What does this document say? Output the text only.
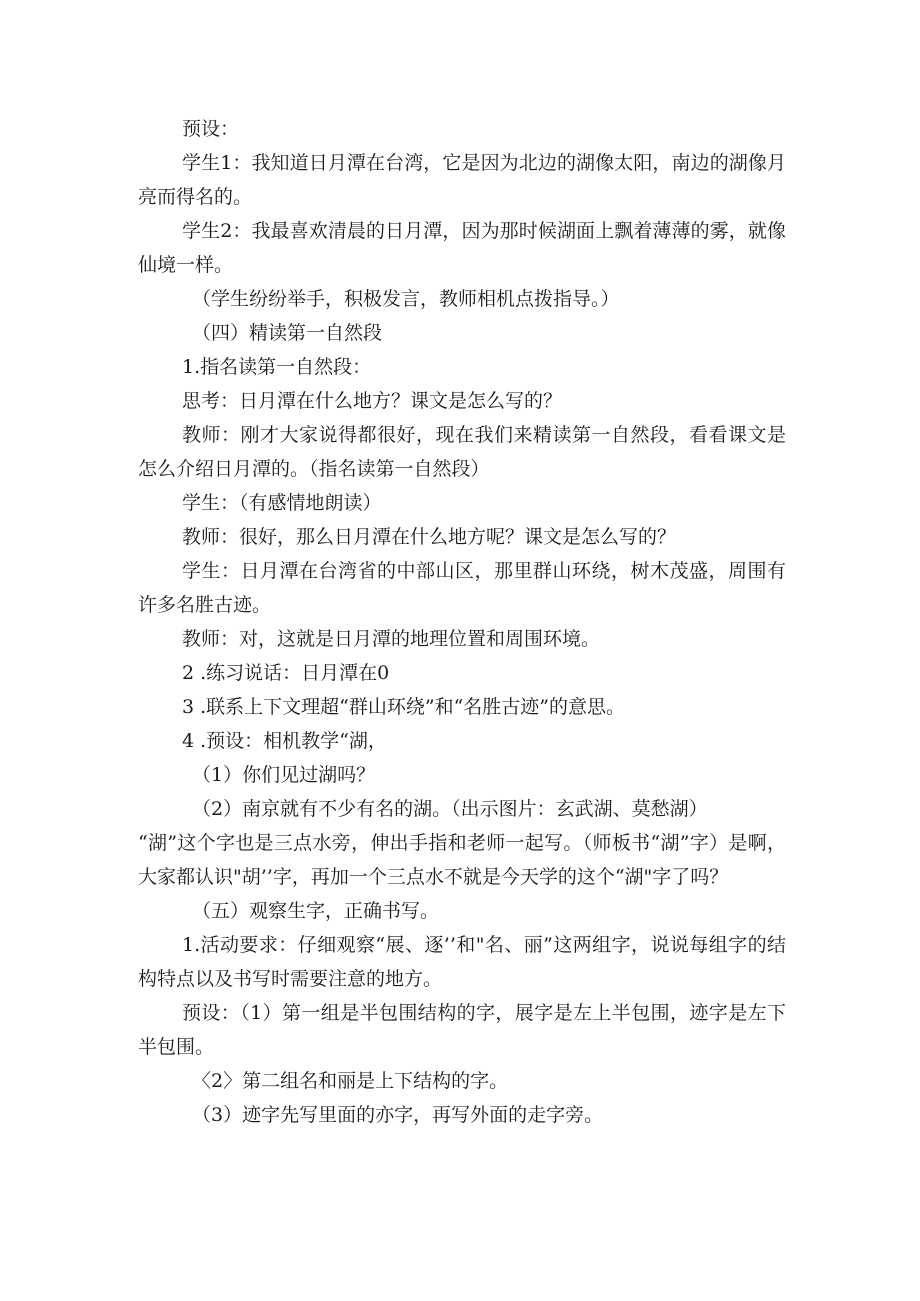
预设：

学生1：我知道日月潭在台湾，它是因为北边的湖像太阳，南边的湖像月亮而得名的。

学生2：我最喜欢清晨的日月潭，因为那时候湖面上飘着薄薄的雾，就像仙境一样。

（学生纷纷举手，积极发言，教师相机点拨指导。）

（四）精读第一自然段

1.指名读第一自然段：

思考：日月潭在什么地方？课文是怎么写的？

教师：刚才大家说得都很好，现在我们来精读第一自然段，看看课文是怎么介绍日月潭的。（指名读第一自然段）

学生：（有感情地朗读）

教师：很好，那么日月潭在什么地方呢？课文是怎么写的？

学生：日月潭在台湾省的中部山区，那里群山环绕，树木茂盛，周围有许多名胜古迹。

教师：对，这就是日月潭的地理位置和周围环境。

2 .练习说话：日月潭在0

3 .联系上下文理超“群山环绕”和“名胜古迹”的意思。

4 .预设：相机教学“湖，

（1）你们见过湖吗？

（2）南京就有不少有名的湖。（出示图片：玄武湖、莫愁湖）

“湖”这个字也是三点水旁，伸出手指和老师一起写。（师板书“湖”字）是啊，大家都认识"胡’’字，再加一个三点水不就是今天学的这个“湖"字了吗？

（五）观察生字，正确书写。

1.活动要求：仔细观察“展、逐’’和"名、丽”这两组字，说说每组字的结构特点以及书写时需要注意的地方。

预设：（1）第一组是半包围结构的字，展字是左上半包围，迹字是左下半包围。

〈2〉第二组名和丽是上下结构的字。

（3）迹字先写里面的亦字，再写外面的走字旁。
